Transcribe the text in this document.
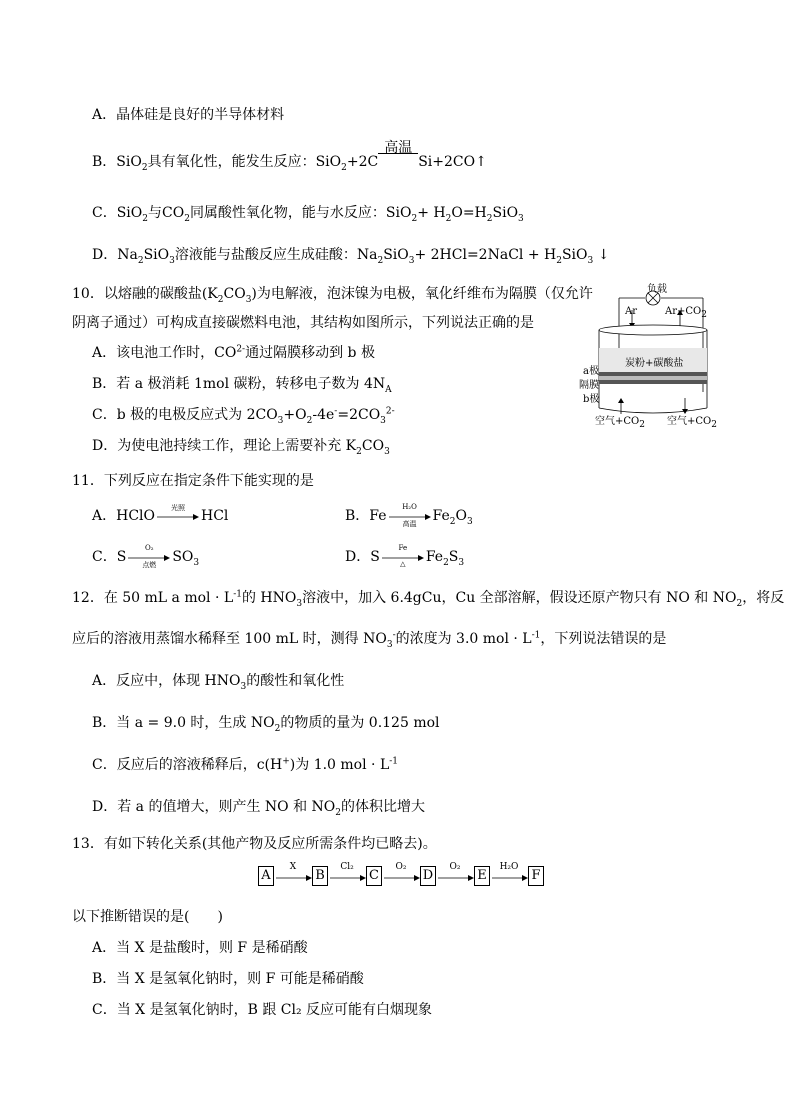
A．晶体硅是良好的半导体材料
B．SiO$_2$具有氧化性，能发生反应：SiO$_2$+2C
高温

Si+2CO↑
C．SiO$_2$与$CO_2$同属酸性氧化物，能与水反应：$SiO_2+ H_2O=H_2SiO_3$
D．$Na_2SiO_3$溶液能与盐酸反应生成硅酸：$Na_2SiO_3+$ 2HCl=2NaCl + $H_2SiO_3$ ↓
10．以熔融的碳酸盐$(K_2CO_3)$为电解液，泡沫镍为电极，氧化纤维布为隔膜（仅允许
阴离子通过）可构成直接碳燃料电池，其结构如图所示，下列说法正确的是
A．该电池工作时，$CO^{2-}$通过隔膜移动到 b 极
B．若 a 极消耗 1mol 碳粉，转移电子数为 $4N_A$
C．b 极的电极反应式为 $2CO_3+O_2-4e^-=2CO_3^{2-}$
D．为使电池持续工作，理论上需要补充 $K_2CO_3$
负载
Ar	$Ar+CO_2$
炭粉+碳酸盐
a极
隔膜
b极
空气$+CO_2$ 空气$+CO_2$
11．下列反应在指定条件下能实现的是
A．HClO	光照	HCl	B．Fe
H₂O
高温	$Fe_2O_3$
C．S
O₂
点燃	$SO_3$	D．S
Fe
△	$Fe_2S_3$
12．在 50 mL a mol · $L^{-1}$的 $HNO_3$溶液中，加入 6.4gCu，Cu 全部溶解，假设还原产物只有 NO 和 $NO_2$，将反
应后的溶液用蒸馏水稀释至 100 mL 时，测得 $NO_3^-$的浓度为 3.0 mol · $L^{-1}$，下列说法错误的是
A．反应中，体现 $HNO_3$的酸性和氧化性
B．当 a = 9.0 时，生成 $NO_2$的物质的量为 0.125 mol
C．反应后的溶液稀释后，c(H+)为 1.0 mol · $L^{-1}$
D．若 a 的值增大，则产生 NO 和 $NO_2$的体积比增大
13．有如下转化关系(其他产物及反应所需条件均已略去)。
A
X
B
Cl₂
C
O₂
D
O₂
E
H₂O
F
以下推断错误的是(　　)
A．当 X 是盐酸时，则 F 是稀硝酸
B．当 X 是氢氧化钠时，则 F 可能是稀硝酸
C．当 X 是氢氧化钠时，B 跟 Cl₂ 反应可能有白烟现象
